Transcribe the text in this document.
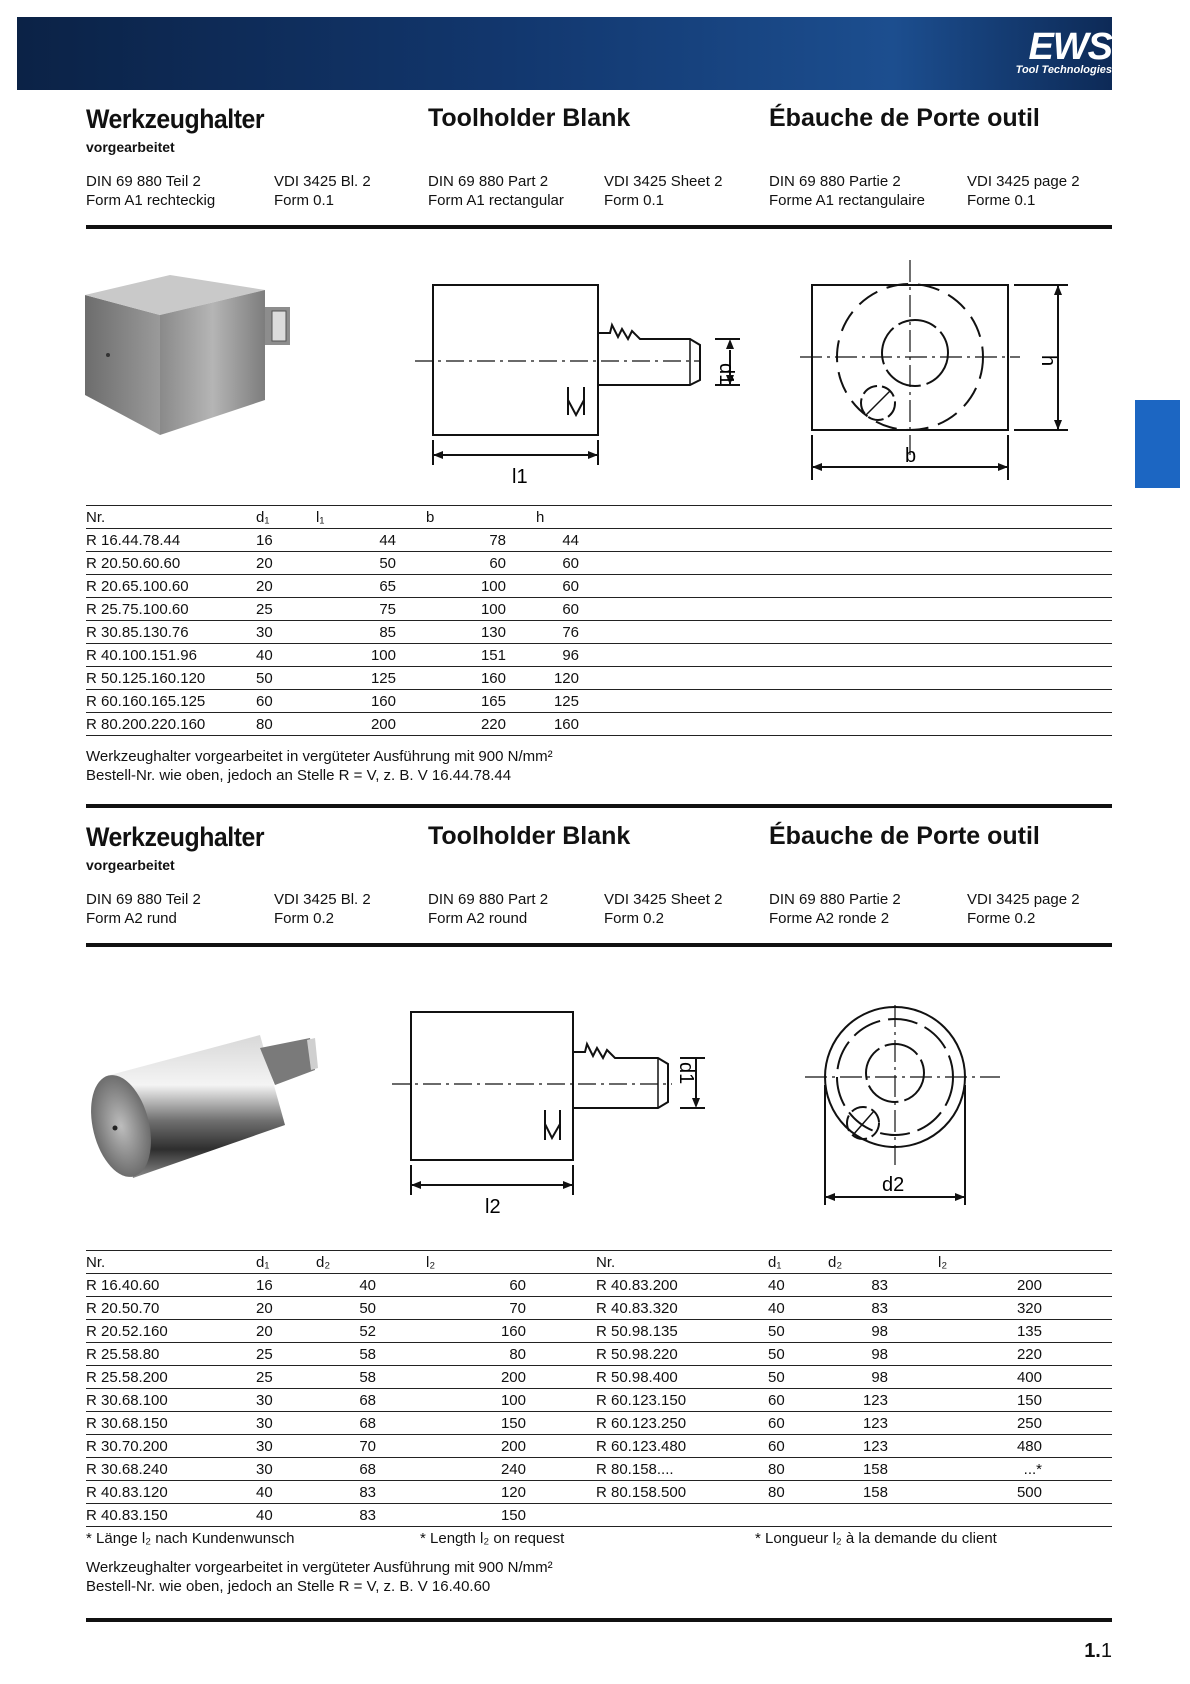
EWS
Tool Technologies
Werkzeughalter
vorgearbeitet
Toolholder Blank	Ébauche de Porte outil
DIN 69 880 Teil 2
Form A1 rechteckig
VDI 3425 Bl. 2
Form 0.1
DIN 69 880 Part 2
Form A1 rectangular
VDI 3425 Sheet 2
Form 0.1
DIN 69 880 Partie 2
Forme A1 rectangulaire
VDI 3425 page 2
Forme 0.1
l1
d1
b
h
Nr.	d₁	l₁	b	h	
R 16.44.78.44	16	44	78	44	
R 20.50.60.60	20	50	60	60	
R 20.65.100.60	20	65	100	60	
R 25.75.100.60	25	75	100	60	
R 30.85.130.76	30	85	130	76	
R 40.100.151.96	40	100	151	96	
R 50.125.160.120	50	125	160	120	
R 60.160.165.125	60	160	165	125	
R 80.200.220.160	80	200	220	160	
Werkzeughalter vorgearbeitet in vergüteter Ausführung mit 900 N/mm²
Bestell-Nr. wie oben, jedoch an Stelle R = V, z. B. V 16.44.78.44
Werkzeughalter
vorgearbeitet
Toolholder Blank	Ébauche de Porte outil
DIN 69 880 Teil 2
Form A2 rund
VDI 3425 Bl. 2
Form 0.2
DIN 69 880 Part 2
Form A2 round
VDI 3425 Sheet 2
Form 0.2
DIN 69 880 Partie 2
Forme A2 ronde 2
VDI 3425 page 2
Forme 0.2
l2
d1
d2
Nr.	d₁	d₂	l₂	Nr.	d₁	d₂	l₂
R 16.40.60	16	40	60	R 40.83.200	40	83	200
R 20.50.70	20	50	70	R 40.83.320	40	83	320
R 20.52.160	20	52	160	R 50.98.135	50	98	135
R 25.58.80	25	58	80	R 50.98.220	50	98	220
R 25.58.200	25	58	200	R 50.98.400	50	98	400
R 30.68.100	30	68	100	R 60.123.150	60	123	150
R 30.68.150	30	68	150	R 60.123.250	60	123	250
R 30.70.200	30	70	200	R 60.123.480	60	123	480
R 30.68.240	30	68	240	R 80.158....	80	158	...*
R 40.83.120	40	83	120	R 80.158.500	80	158	500
R 40.83.150	40	83	150				
* Länge l₂ nach Kundenwunsch	* Length l₂ on request	* Longueur l₂ à la demande du client
Werkzeughalter vorgearbeitet in vergüteter Ausführung mit 900 N/mm²
Bestell-Nr. wie oben, jedoch an Stelle R = V, z. B. V 16.40.60
1.1
